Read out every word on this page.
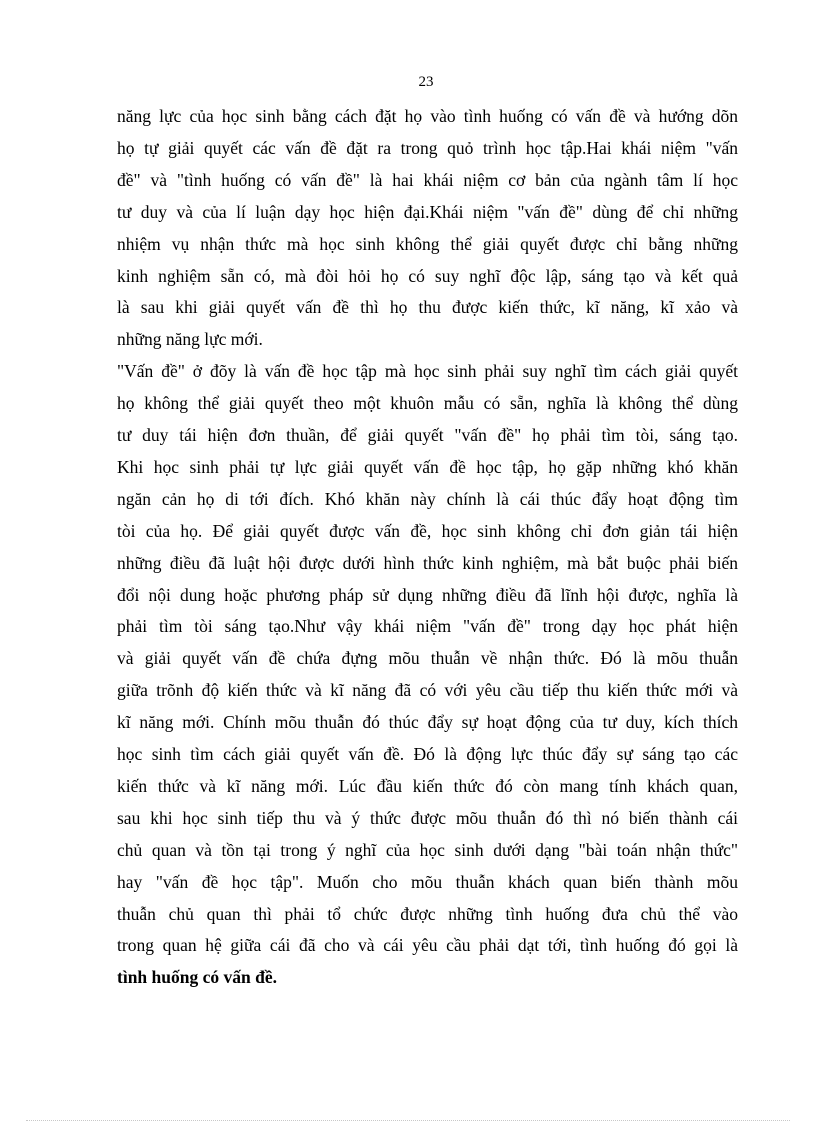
23
năng lực của học sinh bằng cách đặt họ vào tình huống có vấn đề và hướng dõn
họ tự giải quyết các vấn đề đặt ra trong quỏ trình học tập.Hai khái niệm "vấn
đề" và "tình huống có vấn đề" là hai khái niệm cơ bản của ngành tâm lí học
tư duy và của lí luận dạy học hiện đại.Khái niệm "vấn đề" dùng để chỉ những
nhiệm vụ nhận thức mà học sinh không thể giải quyết được chỉ bằng những
kinh nghiệm sẵn có, mà đòi hỏi họ có suy nghĩ độc lập, sáng tạo và kết quả
là sau khi giải quyết vấn đề thì họ thu được kiến thức, kĩ năng, kĩ xảo và
những năng lực mới.
"Vấn đề" ở đõy là vấn đề học tập mà học sinh phải suy nghĩ tìm cách giải quyết
họ không thể giải quyết theo một khuôn mẫu có sẵn, nghĩa là không thể dùng
tư duy tái hiện đơn thuần, để giải quyết "vấn đề" họ phải tìm tòi, sáng tạo.
Khi học sinh phải tự lực giải quyết vấn đề học tập, họ gặp những khó khăn
ngăn cản họ di tới đích. Khó khăn này chính là cái thúc đẩy hoạt động tìm
tòi của họ. Để giải quyết được vấn đề, học sinh không chỉ đơn giản tái hiện
những điều đã luật hội được dưới hình thức kinh nghiệm, mà bắt buộc phải biến
đổi nội dung hoặc phương pháp sử dụng những điều đã lĩnh hội được, nghĩa là
phải tìm tòi sáng tạo.Như vậy khái niệm "vấn đề" trong dạy học phát hiện
và giải quyết vấn đề chứa đựng mõu thuẫn về nhận thức. Đó là mõu thuẫn
giữa trõnh độ kiến thức và kĩ năng đã có với yêu cầu tiếp thu kiến thức mới và
kĩ năng mới. Chính mõu thuẫn đó thúc đẩy sự hoạt động của tư duy, kích thích
học sinh tìm cách giải quyết vấn đề. Đó là động lực thúc đẩy sự sáng tạo các
kiến thức và kĩ năng mới. Lúc đầu kiến thức đó còn mang tính khách quan,
sau khi học sinh tiếp thu và ý thức được mõu thuẫn đó thì nó biến thành cái
chủ quan và tồn tại trong ý nghĩ của học sinh dưới dạng "bài toán nhận thức"
hay "vấn đề học tập". Muốn cho mõu thuẫn khách quan biến thành mõu
thuẫn chủ quan thì phải tổ chức được những tình huống đưa chủ thể vào
trong quan hệ giữa cái đã cho và cái yêu cầu phải dạt tới, tình huống đó gọi là
tình huống có vấn đề.
